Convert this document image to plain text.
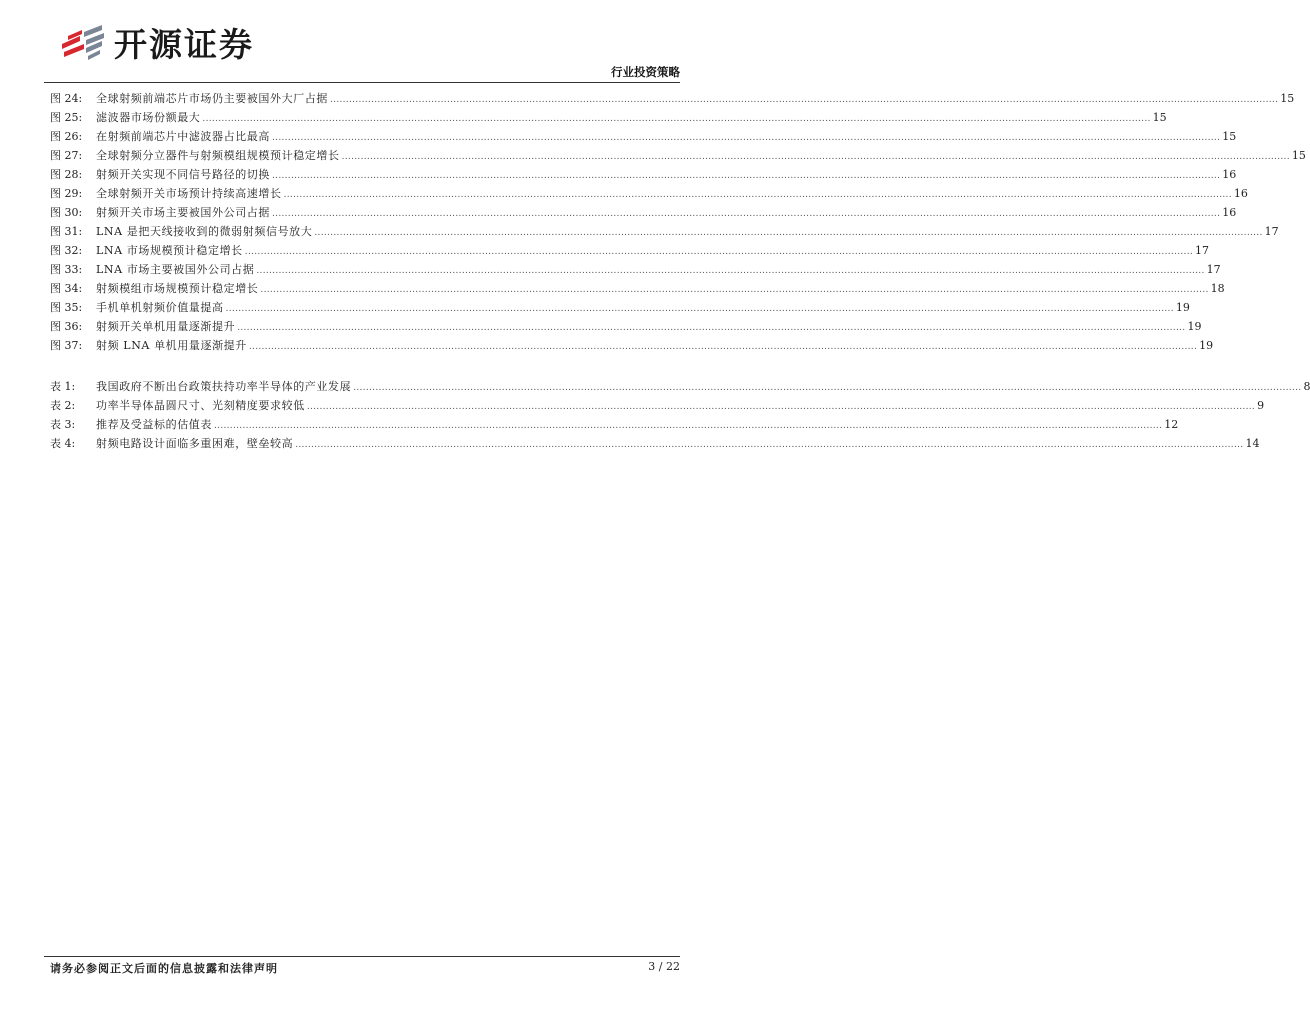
开源证券
行业投资策略
图 24:	全球射频前端芯片市场仍主要被国外大厂占据 ............................................................................................................................................................................................................................................................................................................ 15
图 25:	滤波器市场份额最大 ............................................................................................................................................................................................................................................................................................................ 15
图 26:	在射频前端芯片中滤波器占比最高 ............................................................................................................................................................................................................................................................................................................ 15
图 27:	全球射频分立器件与射频模组规模预计稳定增长 ............................................................................................................................................................................................................................................................................................................ 15
图 28:	射频开关实现不同信号路径的切换 ............................................................................................................................................................................................................................................................................................................ 16
图 29:	全球射频开关市场预计持续高速增长 ............................................................................................................................................................................................................................................................................................................ 16
图 30:	射频开关市场主要被国外公司占据 ............................................................................................................................................................................................................................................................................................................ 16
图 31:	LNA 是把天线接收到的微弱射频信号放大 ............................................................................................................................................................................................................................................................................................................ 17
图 32:	LNA 市场规模预计稳定增长 ............................................................................................................................................................................................................................................................................................................ 17
图 33:	LNA 市场主要被国外公司占据 ............................................................................................................................................................................................................................................................................................................ 17
图 34:	射频模组市场规模预计稳定增长 ............................................................................................................................................................................................................................................................................................................ 18
图 35:	手机单机射频价值量提高 ............................................................................................................................................................................................................................................................................................................ 19
图 36:	射频开关单机用量逐渐提升 ............................................................................................................................................................................................................................................................................................................ 19
图 37:	射频 LNA 单机用量逐渐提升 ............................................................................................................................................................................................................................................................................................................ 19
表 1:	我国政府不断出台政策扶持功率半导体的产业发展 ............................................................................................................................................................................................................................................................................................................ 8
表 2:	功率半导体晶圆尺寸、光刻精度要求较低 ............................................................................................................................................................................................................................................................................................................ 9
表 3:	推荐及受益标的估值表 ............................................................................................................................................................................................................................................................................................................ 12
表 4:	射频电路设计面临多重困难，壁垒较高 ............................................................................................................................................................................................................................................................................................................ 14
请务必参阅正文后面的信息披露和法律声明	3 / 22
